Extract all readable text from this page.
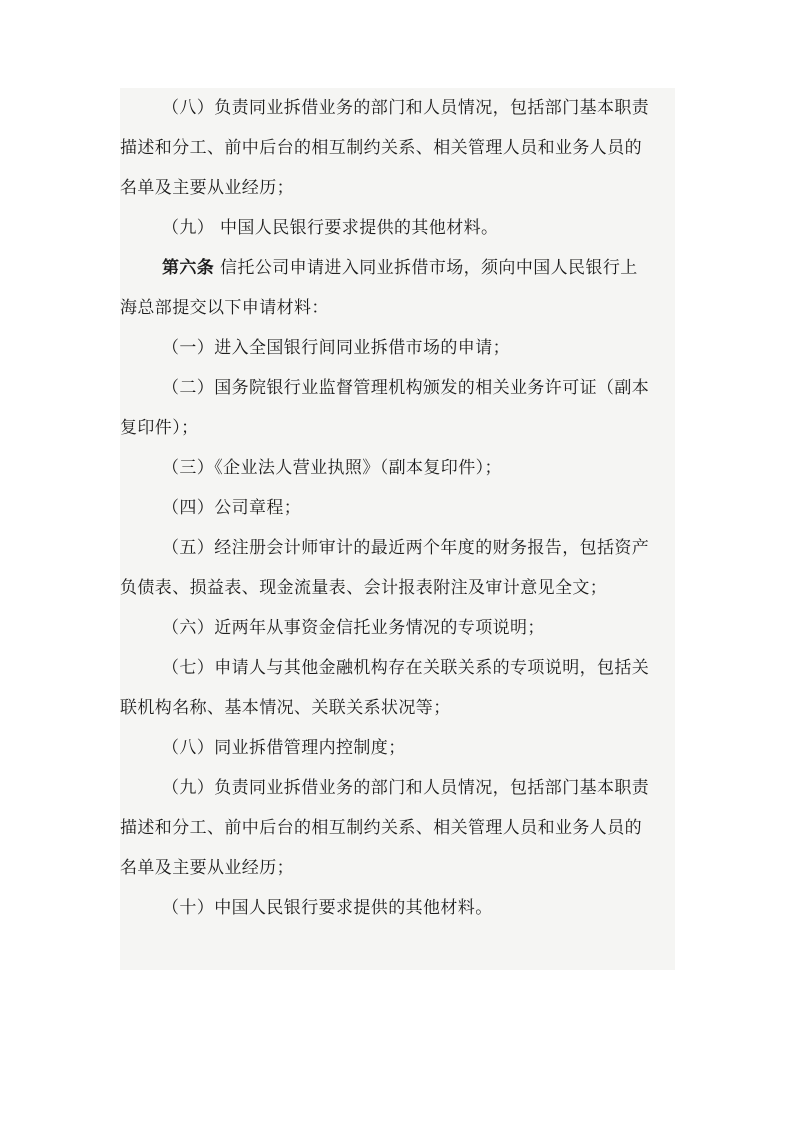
（八）负责同业拆借业务的部门和人员情况，包括部门基本职责
描述和分工、前中后台的相互制约关系、相关管理人员和业务人员的
名单及主要从业经历；
（九） 中国人民银行要求提供的其他材料。
第六条 信托公司申请进入同业拆借市场，须向中国人民银行上
海总部提交以下申请材料：
（一）进入全国银行间同业拆借市场的申请；
（二）国务院银行业监督管理机构颁发的相关业务许可证（副本
复印件）；
（三）《企业法人营业执照》（副本复印件）；
（四）公司章程；
（五）经注册会计师审计的最近两个年度的财务报告，包括资产
负债表、损益表、现金流量表、会计报表附注及审计意见全文；
（六）近两年从事资金信托业务情况的专项说明；
（七）申请人与其他金融机构存在关联关系的专项说明，包括关
联机构名称、基本情况、关联关系状况等；
（八）同业拆借管理内控制度；
（九）负责同业拆借业务的部门和人员情况，包括部门基本职责
描述和分工、前中后台的相互制约关系、相关管理人员和业务人员的
名单及主要从业经历；
（十）中国人民银行要求提供的其他材料。
